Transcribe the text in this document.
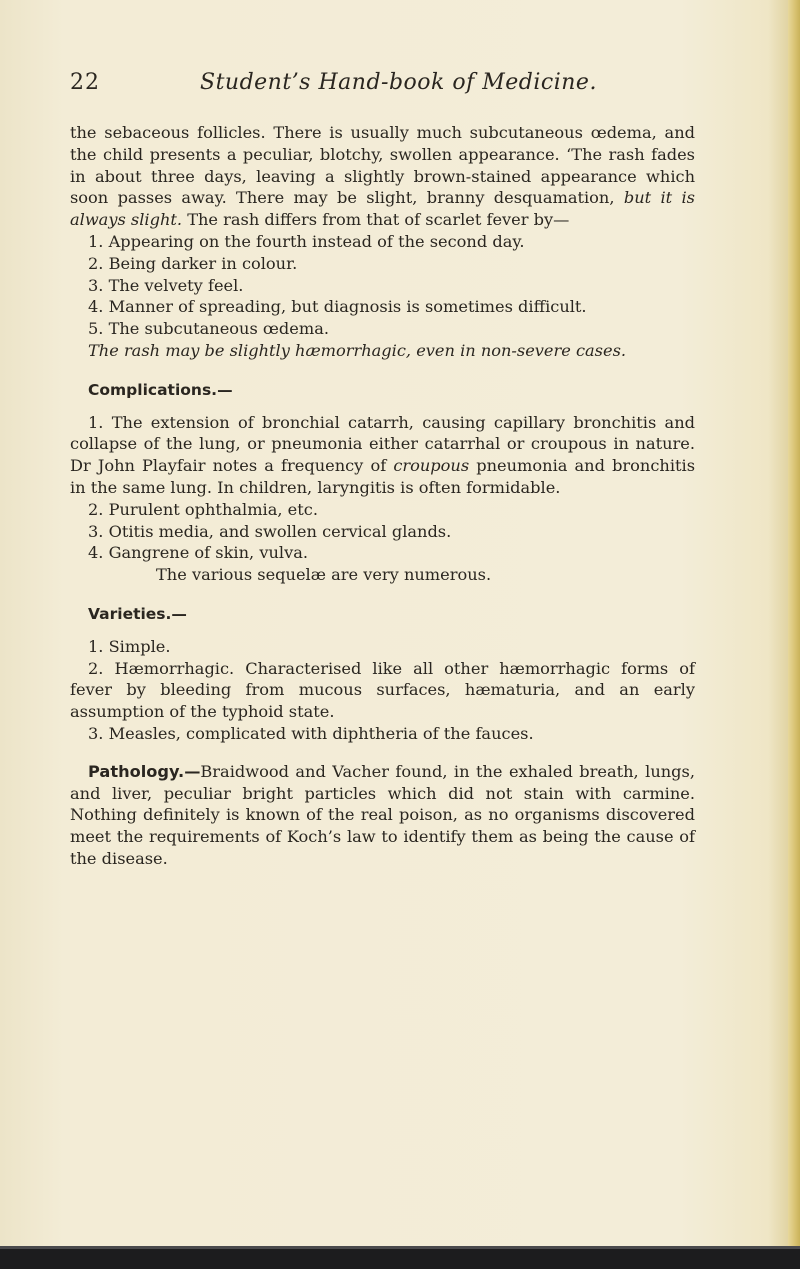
22	Student’s Hand-book of Medicine.

the sebaceous follicles. There is usually much subcutaneous œdema, and the child presents a peculiar, blotchy, swollen appearance. ‘The rash fades in about three days, leaving a slightly brown-stained appearance which soon passes away. There may be slight, branny desquamation, but it is always slight. The rash differs from that of scarlet fever by—

1. Appearing on the fourth instead of the second day.

2. Being darker in colour.

3. The velvety feel.

4. Manner of spreading, but diagnosis is sometimes difficult.

5. The subcutaneous œdema.

The rash may be slightly hæmorrhagic, even in non-severe cases.

Complications.—

1. The extension of bronchial catarrh, causing capillary bronchitis and collapse of the lung, or pneumonia either catarrhal or croupous in nature. Dr John Playfair notes a frequency of croupous pneumonia and bronchitis in the same lung. In children, laryngitis is often formidable.

2. Purulent ophthalmia, etc.

3. Otitis media, and swollen cervical glands.

4. Gangrene of skin, vulva.

The various sequelæ are very numerous.

Varieties.—

1. Simple.

2. Hæmorrhagic. Characterised like all other hæmorrhagic forms of fever by bleeding from mucous surfaces, hæmaturia, and an early assumption of the typhoid state.

3. Measles, complicated with diphtheria of the fauces.

Pathology.—Braidwood and Vacher found, in the exhaled breath, lungs, and liver, peculiar bright particles which did not stain with carmine. Nothing definitely is known of the real poison, as no organisms discovered meet the requirements of Koch’s law to identify them as being the cause of the disease.
